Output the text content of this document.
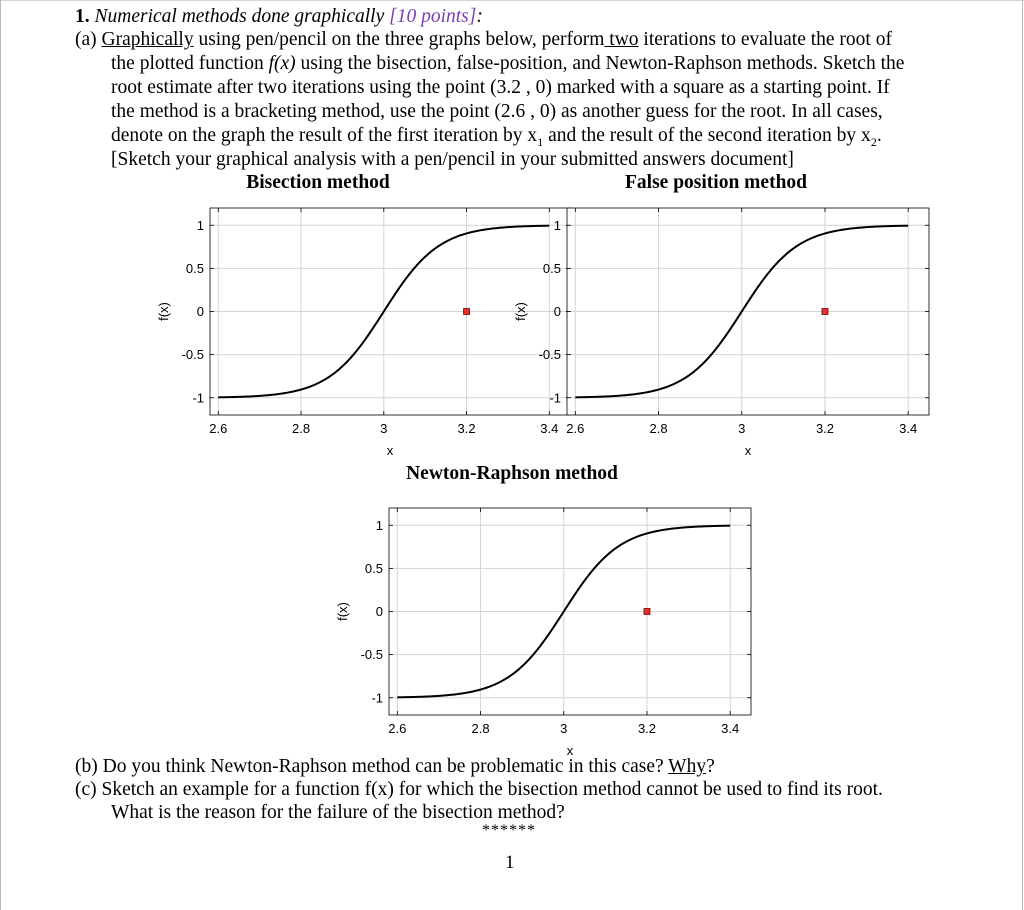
1. Numerical methods done graphically [10 points]:
(a) Graphically using pen/pencil on the three graphs below, perform two iterations to evaluate the root of
the plotted function f(x) using the bisection, false-position, and Newton-Raphson methods. Sketch the
root estimate after two iterations using the point (3.2 , 0) marked with a square as a starting point. If
the method is a bracketing method, use the point (2.6 , 0) as another guess for the root. In all cases,
denote on the graph the result of the first iteration by $x_1$ and the result of the second iteration by $x_2$.
[Sketch your graphical analysis with a pen/pencil in your submitted answers document]
Bisection method	False position method
Newton-Raphson method
2.6	2.8	3	3.2	3.4
-1
-0.5
0
0.5
1
x
f(x)
2.6	2.8	3	3.2	3.4
-1
-0.5
0
0.5
1
x
f(x)
2.6	2.8	3	3.2	3.4
-1
-0.5
0
0.5
1
x
f(x)
(b) Do you think Newton-Raphson method can be problematic in this case? Why?
(c) Sketch an example for a function f(x) for which the bisection method cannot be used to find its root.
What is the reason for the failure of the bisection method?
******
1
